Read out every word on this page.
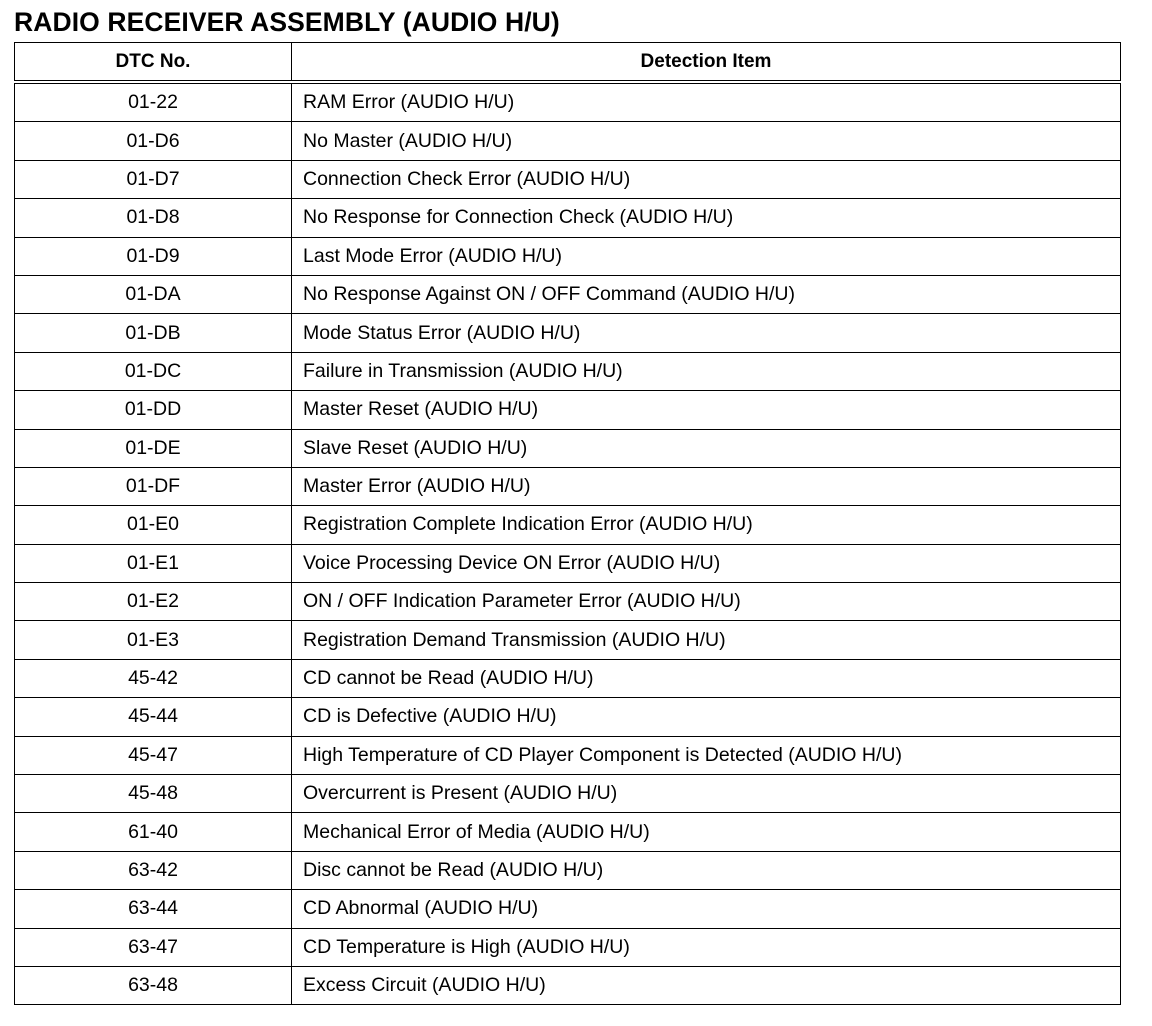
RADIO RECEIVER ASSEMBLY (AUDIO H/U)
DTC No.	Detection Item
01-22	RAM Error (AUDIO H/U)
01-D6	No Master (AUDIO H/U)
01-D7	Connection Check Error (AUDIO H/U)
01-D8	No Response for Connection Check (AUDIO H/U)
01-D9	Last Mode Error (AUDIO H/U)
01-DA	No Response Against ON / OFF Command (AUDIO H/U)
01-DB	Mode Status Error (AUDIO H/U)
01-DC	Failure in Transmission (AUDIO H/U)
01-DD	Master Reset (AUDIO H/U)
01-DE	Slave Reset (AUDIO H/U)
01-DF	Master Error (AUDIO H/U)
01-E0	Registration Complete Indication Error (AUDIO H/U)
01-E1	Voice Processing Device ON Error (AUDIO H/U)
01-E2	ON / OFF Indication Parameter Error (AUDIO H/U)
01-E3	Registration Demand Transmission (AUDIO H/U)
45-42	CD cannot be Read (AUDIO H/U)
45-44	CD is Defective (AUDIO H/U)
45-47	High Temperature of CD Player Component is Detected (AUDIO H/U)
45-48	Overcurrent is Present (AUDIO H/U)
61-40	Mechanical Error of Media (AUDIO H/U)
63-42	Disc cannot be Read (AUDIO H/U)
63-44	CD Abnormal (AUDIO H/U)
63-47	CD Temperature is High (AUDIO H/U)
63-48	Excess Circuit (AUDIO H/U)
